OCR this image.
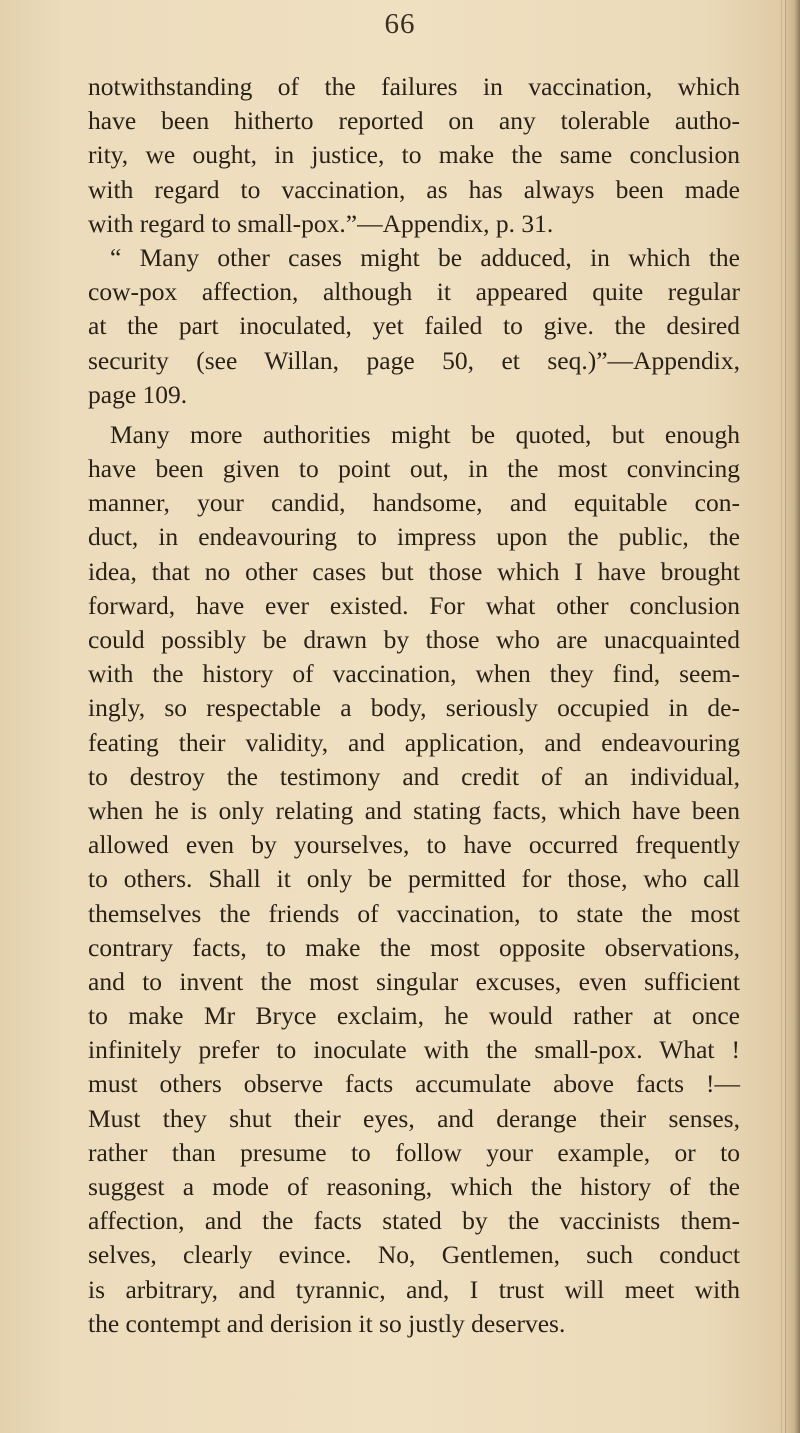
66
notwithstanding of the failures in vaccination, which
have been hitherto reported on any tolerable autho-
rity, we ought, in justice, to make the same conclusion
with regard to vaccination, as has always been made
with regard to small-pox.”—Appendix, p. 31.
“ Many other cases might be adduced, in which the
cow-pox affection, although it appeared quite regular
at the part inoculated, yet failed to give. the desired
security (see Willan, page 50, et seq.)”—Appendix,
page 109.
Many more authorities might be quoted, but enough
have been given to point out, in the most convincing
manner, your candid, handsome, and equitable con-
duct, in endeavouring to impress upon the public, the
idea, that no other cases but those which I have brought
forward, have ever existed. For what other conclusion
could possibly be drawn by those who are unacquainted
with the history of vaccination, when they find, seem-
ingly, so respectable a body, seriously occupied in de-
feating their validity, and application, and endeavouring
to destroy the testimony and credit of an individual,
when he is only relating and stating facts, which have been
allowed even by yourselves, to have occurred frequently
to others. Shall it only be permitted for those, who call
themselves the friends of vaccination, to state the most
contrary facts, to make the most opposite observations,
and to invent the most singular excuses, even sufficient
to make Mr Bryce exclaim, he would rather at once
infinitely prefer to inoculate with the small-pox. What !
must others observe facts accumulate above facts !—
Must they shut their eyes, and derange their senses,
rather than presume to follow your example, or to
suggest a mode of reasoning, which the history of the
affection, and the facts stated by the vaccinists them-
selves, clearly evince. No, Gentlemen, such conduct
is arbitrary, and tyrannic, and, I trust will meet with
the contempt and derision it so justly deserves.
